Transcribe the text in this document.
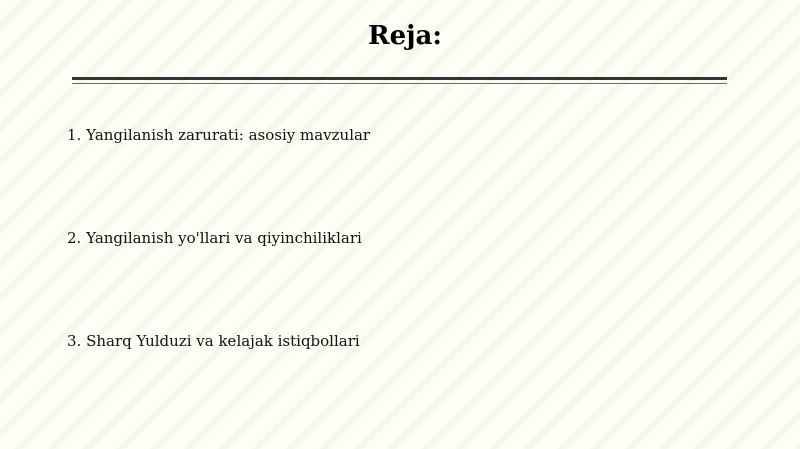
Reja:
1. Yangilanish zarurati: asosiy mavzular
2. Yangilanish yo'llari va qiyinchiliklari
3. Sharq Yulduzi va kelajak istiqbollari
